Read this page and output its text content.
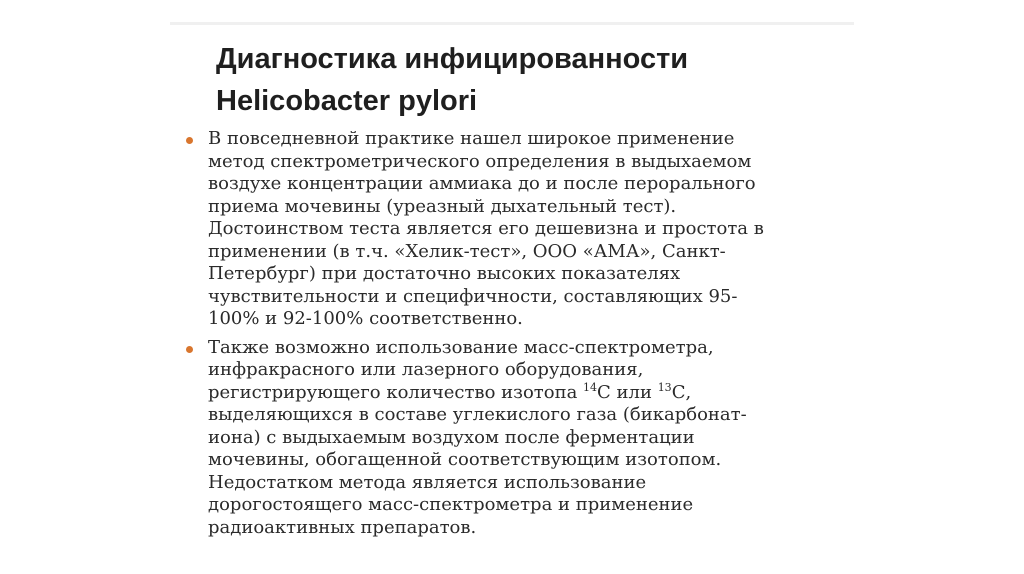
Диагностика инфицированности
Helicobacter pylori
В повседневной практике нашел широкое применение
метод спектрометрического определения в выдыхаемом
воздухе концентрации аммиака до и после перорального
приема мочевины (уреазный дыхательный тест).
Достоинством теста является его дешевизна и простота в
применении (в т.ч. «Хелик-тест», ООО «АМА», Санкт-
Петербург) при достаточно высоких показателях
чувствительности и специфичности, составляющих 95-
100% и 92-100% соответственно.
Также возможно использование масс-спектрометра,
инфракрасного или лазерного оборудования,
регистрирующего количество изотопа $^{14}$С или $^{13}$С,
выделяющихся в составе углекислого газа (бикарбонат-
иона) с выдыхаемым воздухом после ферментации
мочевины, обогащенной соответствующим изотопом.
Недостатком метода является использование
дорогостоящего масс-спектрометра и применение
радиоактивных препаратов.
